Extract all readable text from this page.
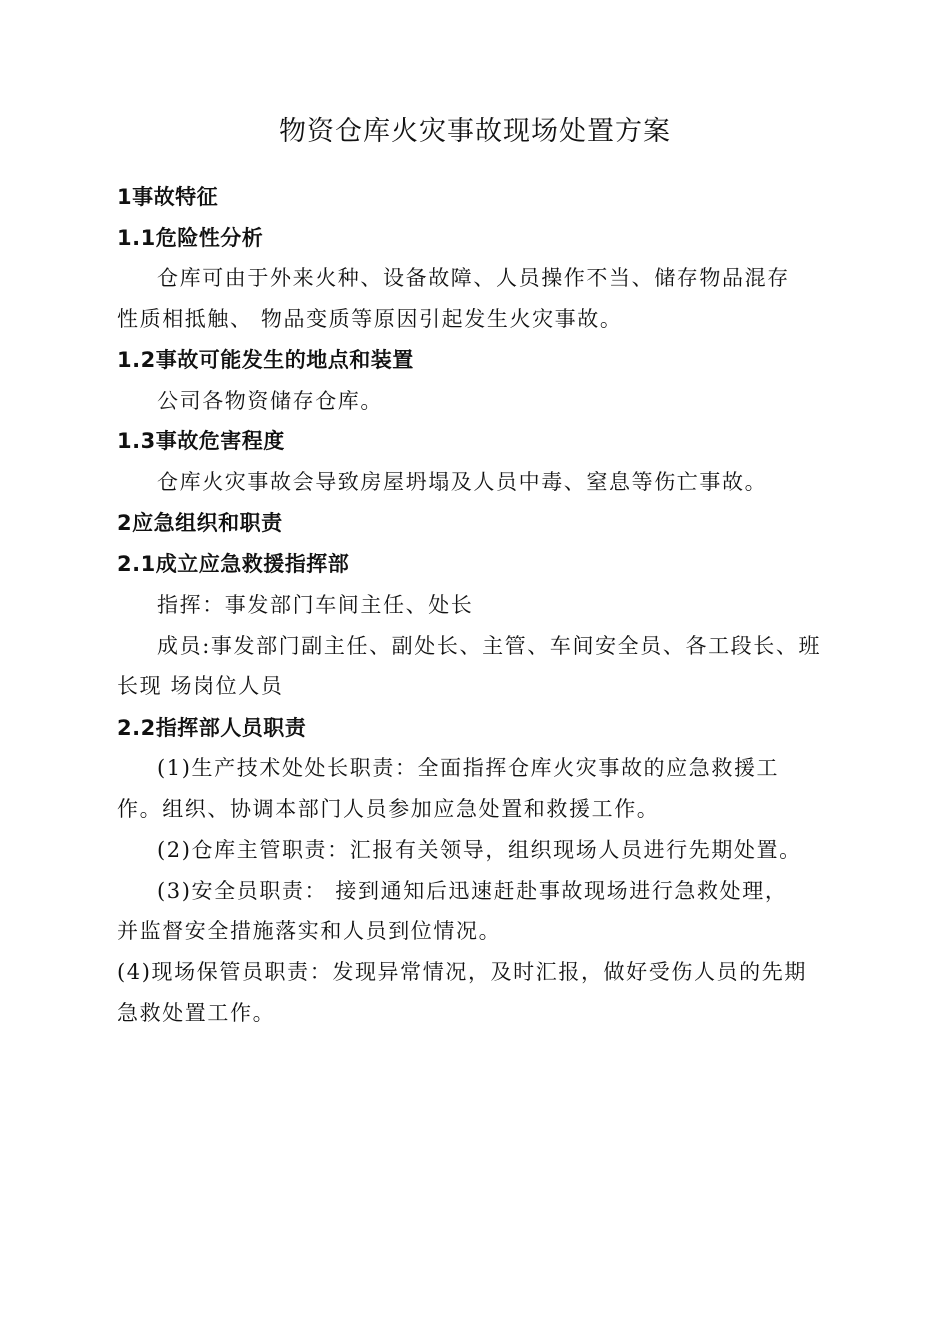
物资仓库火灾事故现场处置方案
1事故特征
1.1危险性分析
仓库可由于外来火种、设备故障、人员操作不当、储存物品混存
性质相抵触、 物品变质等原因引起发生火灾事故。
1.2事故可能发生的地点和装置
公司各物资储存仓库。
1.3事故危害程度
仓库火灾事故会导致房屋坍塌及人员中毒、窒息等伤亡事故。
2应急组织和职责
2.1成立应急救援指挥部
指挥：事发部门车间主任、处长
成员:事发部门副主任、副处长、主管、车间安全员、各工段长、班
长现 场岗位人员
2.2指挥部人员职责
(1)生产技术处处长职责：全面指挥仓库火灾事故的应急救援工
作。组织、协调本部门人员参加应急处置和救援工作。
(2)仓库主管职责：汇报有关领导，组织现场人员进行先期处置。
(3)安全员职责： 接到通知后迅速赶赴事故现场进行急救处理，
并监督安全措施落实和人员到位情况。
(4)现场保管员职责：发现异常情况，及时汇报，做好受伤人员的先期
急救处置工作。
